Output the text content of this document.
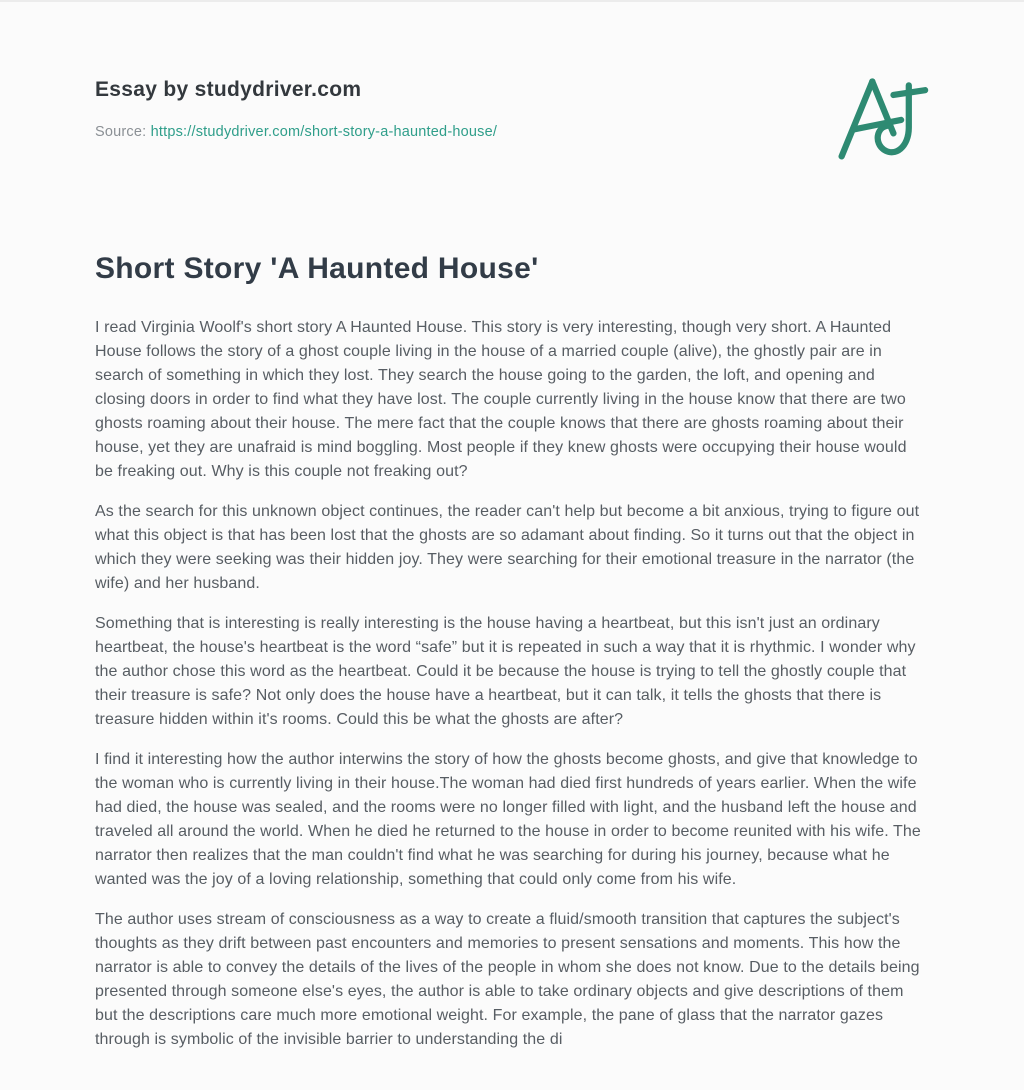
Essay by studydriver.com
Source: https://studydriver.com/short-story-a-haunted-house/
Short Story 'A Haunted House'

I read Virginia Woolf's short story A Haunted House. This story is very interesting, though very short. A Haunted House follows the story of a ghost couple living in the house of a married couple (alive), the ghostly pair are in search of something in which they lost. They search the house going to the garden, the loft, and opening and closing doors in order to find what they have lost. The couple currently living in the house know that there are two ghosts roaming about their house. The mere fact that the couple knows that there are ghosts roaming about their house, yet they are unafraid is mind boggling. Most people if they knew ghosts were occupying their house would be freaking out. Why is this couple not freaking out?

As the search for this unknown object continues, the reader can't help but become a bit anxious, trying to figure out what this object is that has been lost that the ghosts are so adamant about finding. So it turns out that the object in which they were seeking was their hidden joy. They were searching for their emotional treasure in the narrator (the wife) and her husband.

Something that is interesting is really interesting is the house having a heartbeat, but this isn't just an ordinary heartbeat, the house's heartbeat is the word “safe” but it is repeated in such a way that it is rhythmic. I wonder why the author chose this word as the heartbeat. Could it be because the house is trying to tell the ghostly couple that their treasure is safe? Not only does the house have a heartbeat, but it can talk, it tells the ghosts that there is treasure hidden within it's rooms. Could this be what the ghosts are after?

I find it interesting how the author interwins the story of how the ghosts become ghosts, and give that knowledge to the woman who is currently living in their house.The woman had died first hundreds of years earlier. When the wife had died, the house was sealed, and the rooms were no longer filled with light, and the husband left the house and traveled all around the world. When he died he returned to the house in order to become reunited with his wife. The narrator then realizes that the man couldn't find what he was searching for during his journey, because what he wanted was the joy of a loving relationship, something that could only come from his wife.

The author uses stream of consciousness as a way to create a fluid/smooth transition that captures the subject's thoughts as they drift between past encounters and memories to present sensations and moments. This how the narrator is able to convey the details of the lives of the people in whom she does not know. Due to the details being presented through someone else's eyes, the author is able to take ordinary objects and give descriptions of them but the descriptions care much more emotional weight. For example, the pane of glass that the narrator gazes through is symbolic of the invisible barrier to understanding the di
